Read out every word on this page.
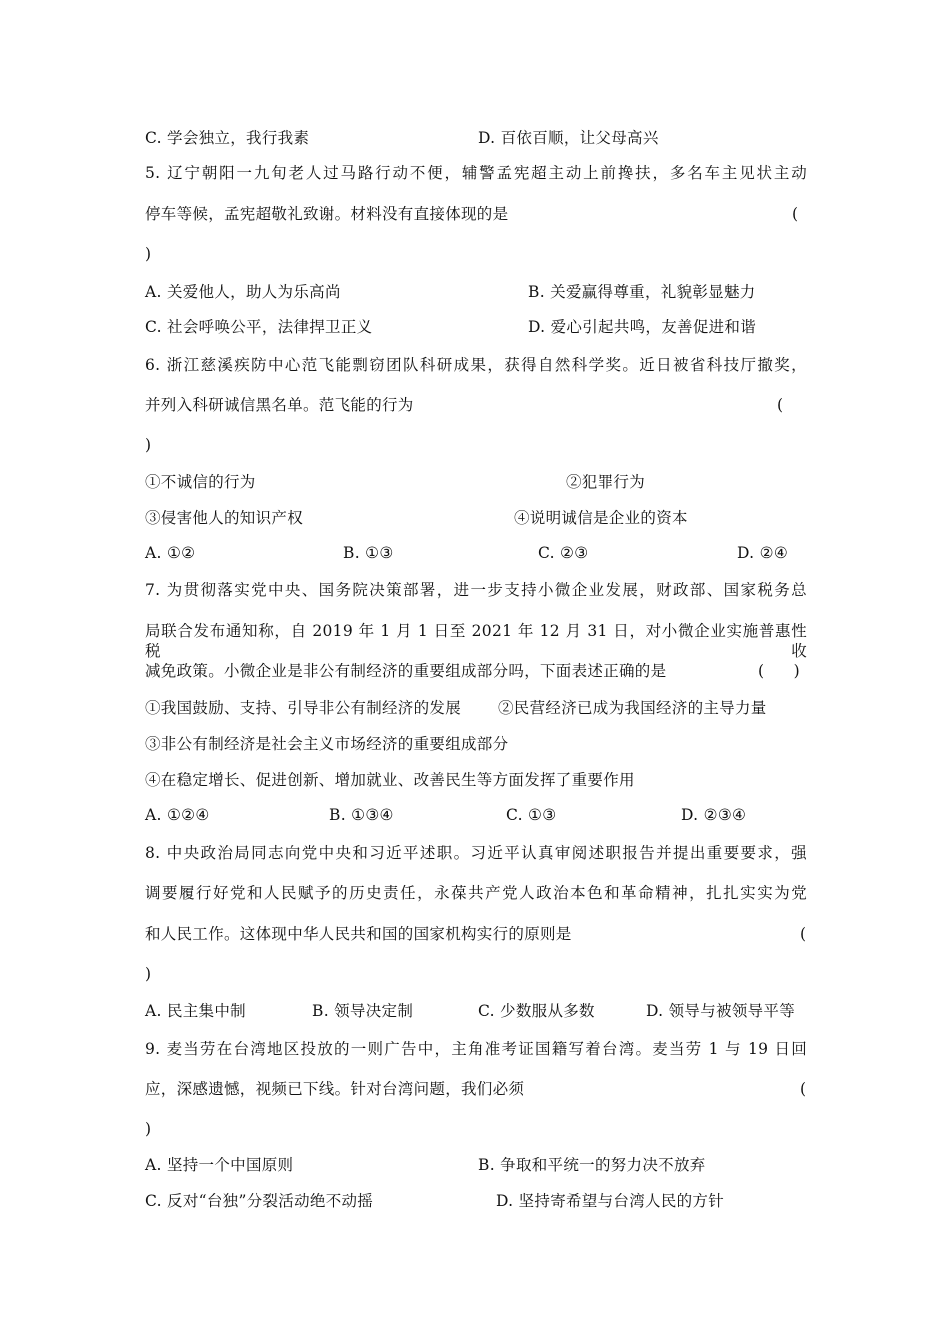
C. 学会独立，我行我素	D. 百依百顺，让父母高兴
5. 辽宁朝阳一九旬老人过马路行动不便，辅警孟宪超主动上前搀扶，多名车主见状主动
停车等候，孟宪超敬礼致谢。材料没有直接体现的是	(
)
A. 关爱他人，助人为乐高尚	B. 关爱赢得尊重，礼貌彰显魅力
C. 社会呼唤公平，法律捍卫正义	D. 爱心引起共鸣，友善促进和谐
6. 浙江慈溪疾防中心范飞能剽窃团队科研成果，获得自然科学奖。近日被省科技厅撤奖，
并列入科研诚信黑名单。范飞能的行为	(
)
①不诚信的行为	②犯罪行为
③侵害他人的知识产权	④说明诚信是企业的资本
A. ①②	B. ①③	C. ②③	D. ②④
7. 为贯彻落实党中央、国务院决策部署，进一步支持小微企业发展，财政部、国家税务总
局联合发布通知称，自 2019 年 1 月 1 日至 2021 年 12 月 31 日，对小微企业实施普惠性税收
减免政策。小微企业是非公有制经济的重要组成部分吗，下面表述正确的是	(      )
①我国鼓励、支持、引导非公有制经济的发展 ②民营经济已成为我国经济的主导力量
③非公有制经济是社会主义市场经济的重要组成部分
④在稳定增长、促进创新、增加就业、改善民生等方面发挥了重要作用
A. ①②④	B. ①③④	C. ①③	D. ②③④
8. 中央政治局同志向党中央和习近平述职。习近平认真审阅述职报告并提出重要要求，强
调要履行好党和人民赋予的历史责任，永葆共产党人政治本色和革命精神，扎扎实实为党
和人民工作。这体现中华人民共和国的国家机构实行的原则是	(
)
A. 民主集中制	B. 领导决定制	C. 少数服从多数	D. 领导与被领导平等
9. 麦当劳在台湾地区投放的一则广告中，主角准考证国籍写着台湾。麦当劳 1 与 19 日回
应，深感遗憾，视频已下线。针对台湾问题，我们必须	(
)
A. 坚持一个中国原则	B. 争取和平统一的努力决不放弃
C. 反对“台独”分裂活动绝不动摇	D. 坚持寄希望与台湾人民的方针
